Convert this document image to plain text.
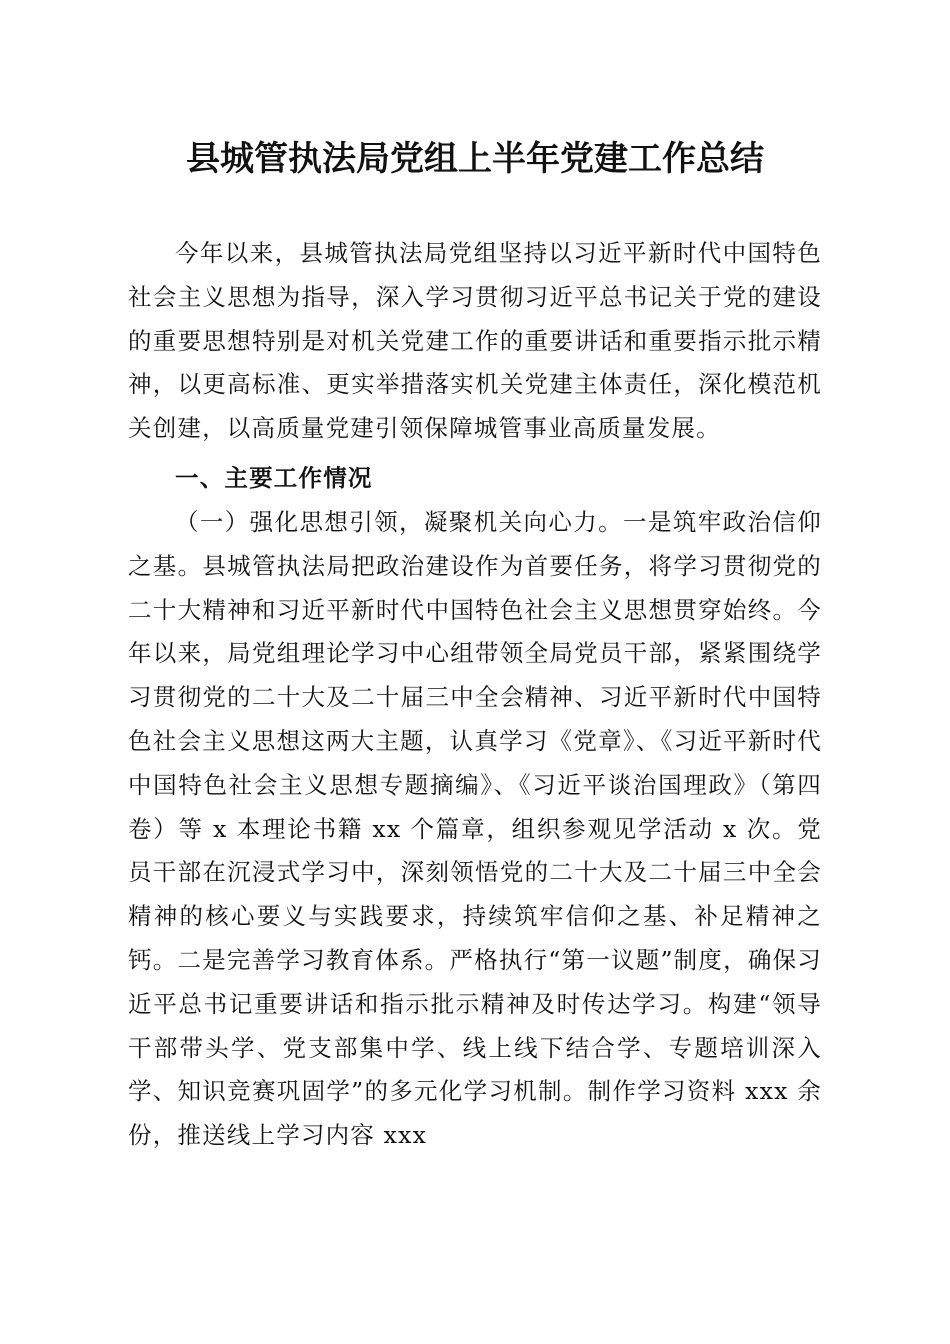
县城管执法局党组上半年党建工作总结

今年以来，县城管执法局党组坚持以习近平新时代中国特色社会主义思想为指导，深入学习贯彻习近平总书记关于党的建设的重要思想特别是对机关党建工作的重要讲话和重要指示批示精神，以更高标准、更实举措落实机关党建主体责任，深化模范机关创建，以高质量党建引领保障城管事业高质量发展。

一、主要工作情况

（一）强化思想引领，凝聚机关向心力。一是筑牢政治信仰之基。县城管执法局把政治建设作为首要任务，将学习贯彻党的二十大精神和习近平新时代中国特色社会主义思想贯穿始终。今年以来，局党组理论学习中心组带领全局党员干部，紧紧围绕学习贯彻党的二十大及二十届三中全会精神、习近平新时代中国特色社会主义思想这两大主题，认真学习《党章》、《习近平新时代中国特色社会主义思想专题摘编》、《习近平谈治国理政》（第四卷）等 x 本理论书籍 xx 个篇章，组织参观见学活动 x 次。党员干部在沉浸式学习中，深刻领悟党的二十大及二十届三中全会精神的核心要义与实践要求，持续筑牢信仰之基、补足精神之钙。二是完善学习教育体系。严格执行“第一议题”制度，确保习近平总书记重要讲话和指示批示精神及时传达学习。构建“领导干部带头学、党支部集中学、线上线下结合学、专题培训深入学、知识竞赛巩固学”的多元化学习机制。制作学习资料 xxx 余份，推送线上学习内容 xxx
